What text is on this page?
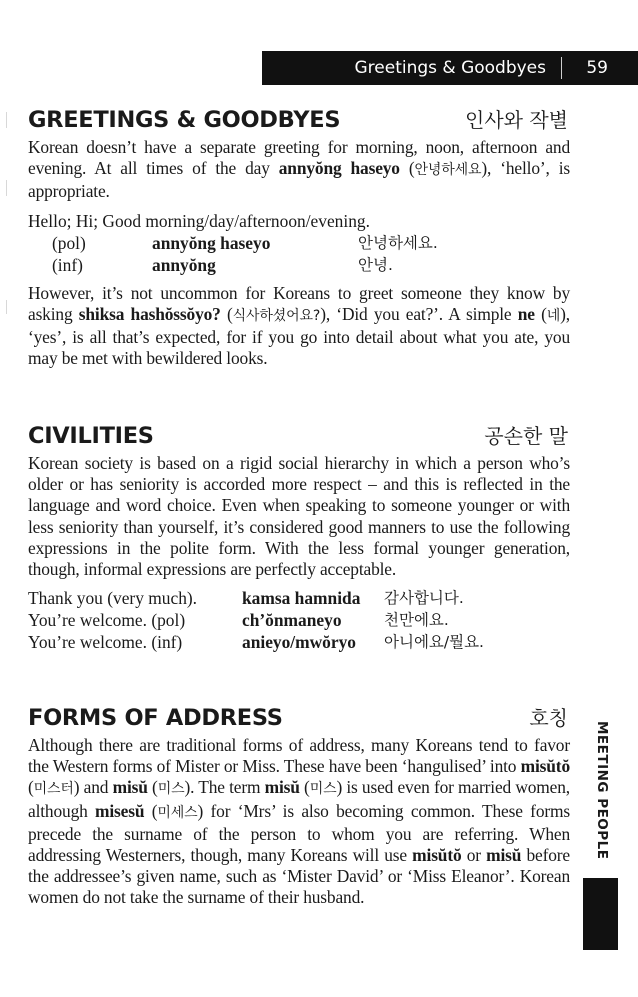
Greetings & Goodbyes 59
GREETINGS & GOODBYES	인사와 작별

Korean doesn’t have a separate greeting for morning, noon, afternoon and evening. At all times of the day annyŏng haseyo (안녕하세요), ‘hello’, is appropriate.

Hello; Hi; Good morning/day/afternoon/evening.
(pol)	annyŏng haseyo	안녕하세요.
(inf)	annyŏng	안녕.

However, it’s not uncommon for Koreans to greet someone they know by asking shiksa hashŏssŏyo? (식사하셨어요?), ‘Did you eat?’. A simple ne (네), ‘yes’, is all that’s expected, for if you go into detail about what you ate, you may be met with bewildered looks.

CIVILITIES	공손한 말

Korean society is based on a rigid social hierarchy in which a person who’s older or has seniority is accorded more respect – and this is reflected in the language and word choice. Even when speaking to someone younger or with less seniority than yourself, it’s considered good manners to use the following expressions in the polite form. With the less formal younger generation, though, informal expressions are perfectly acceptable.

Thank you (very much).	kamsa hamnida 감사합니다.
You’re welcome. (pol)	ch’ŏnmaneyo	천만에요.
You’re welcome. (inf)	anieyo/mwŏryo 아니에요/뭘요.
FORMS OF ADDRESS	호칭

Although there are traditional forms of address, many Koreans tend to favor the Western forms of Mister or Miss. These have been ‘hangulised’ into misŭtŏ (미스터) and misŭ (미스). The term misŭ (미스) is used even for married women, although misesŭ (미세스) for ‘Mrs’ is also becoming common. These forms precede the surname of the person to whom you are referring. When addressing Westerners, though, many Koreans will use misŭtŏ or misŭ before the addressee’s given name, such as ‘Mister David’ or ‘Miss Eleanor’. Korean women do not take the surname of their husband.

MEETING PEOPLE
